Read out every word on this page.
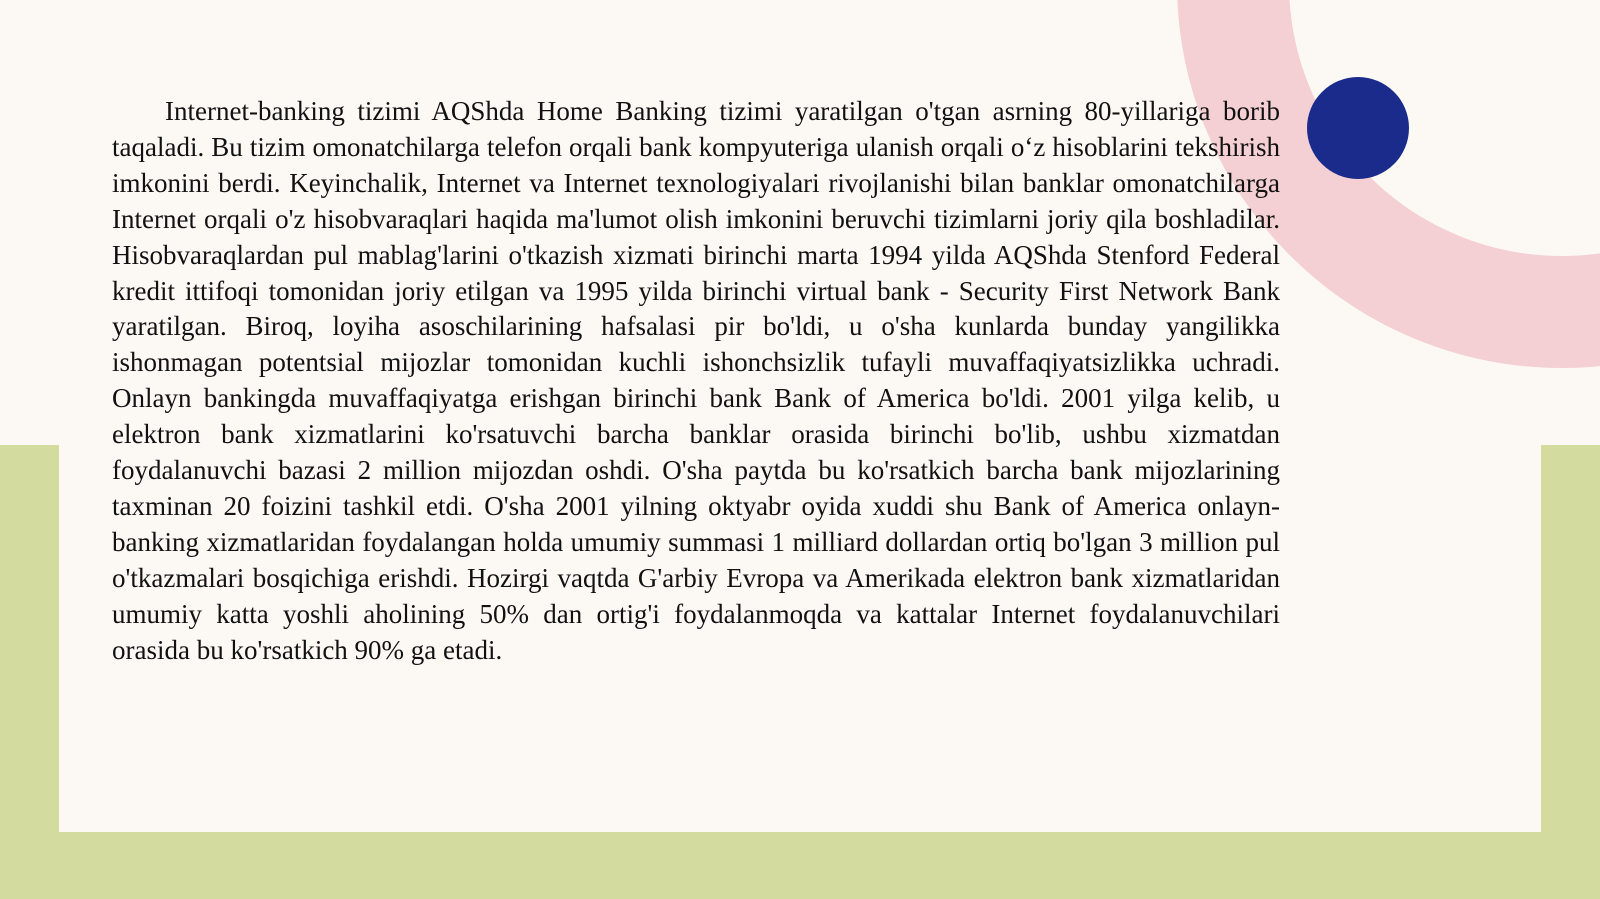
Internet-banking tizimi AQShda Home Banking tizimi yaratilgan o'tgan asrning 80-yillariga borib taqaladi. Bu tizim omonatchilarga telefon orqali bank kompyuteriga ulanish orqali o‘z hisoblarini tekshirish imkonini berdi. Keyinchalik, Internet va Internet texnologiyalari rivojlanishi bilan banklar omonatchilarga Internet orqali o'z hisobvaraqlari haqida ma'lumot olish imkonini beruvchi tizimlarni joriy qila boshladilar. Hisobvaraqlardan pul mablag'larini o'tkazish xizmati birinchi marta 1994 yilda AQShda Stenford Federal kredit ittifoqi tomonidan joriy etilgan va 1995 yilda birinchi virtual bank - Security First Network Bank yaratilgan. Biroq, loyiha asoschilarining hafsalasi pir bo'ldi, u o'sha kunlarda bunday yangilikka ishonmagan potentsial mijozlar tomonidan kuchli ishonchsizlik tufayli muvaffaqiyatsizlikka uchradi. Onlayn bankingda muvaffaqiyatga erishgan birinchi bank Bank of America bo'ldi. 2001 yilga kelib, u elektron bank xizmatlarini ko'rsatuvchi barcha banklar orasida birinchi bo'lib, ushbu xizmatdan foydalanuvchi bazasi 2 million mijozdan oshdi. O'sha paytda bu ko'rsatkich barcha bank mijozlarining taxminan 20 foizini tashkil etdi. O'sha 2001 yilning oktyabr oyida xuddi shu Bank of America onlayn-banking xizmatlaridan foydalangan holda umumiy summasi 1 milliard dollardan ortiq bo'lgan 3 million pul o'tkazmalari bosqichiga erishdi. Hozirgi vaqtda G'arbiy Evropa va Amerikada elektron bank xizmatlaridan umumiy katta yoshli aholining 50% dan ortig'i foydalanmoqda va kattalar Internet foydalanuvchilari orasida bu ko'rsatkich 90% ga etadi.
